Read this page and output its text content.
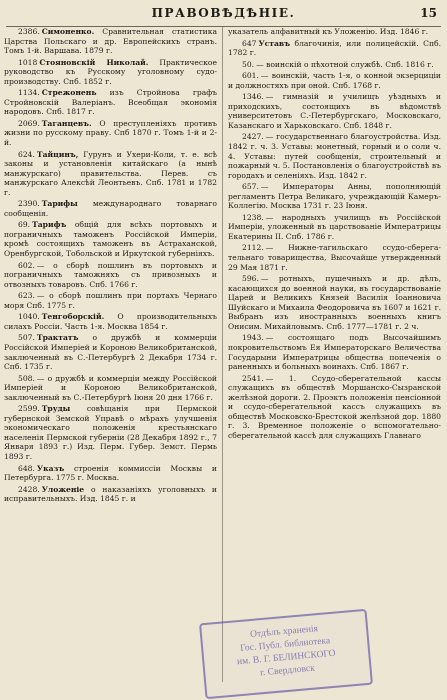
ПРАВОВѢДѢНІЕ.	15
2386. Симоненко. Сравнительная статистика Царства Польскаго и др. Европейскихъ странъ. Томъ 1-й. Варшава. 1879 г.
1018 Стояновскій Николай. Практическое руководство къ Русскому уголовному судопроизводству. Спб. 1852 г.
1134. Стрежонень изъ Стройнова графъ Стройновскій Валеріанъ. Всеобщая экономія народовъ. Спб. 1817 г.
2069. Таганцевъ. О преступленіяхъ противъ жизни по русскому праву. Спб 1870 г. Томъ 1-й и 2-й.
624. Тайцинъ, Гурунъ и Ухери-Коли, т. е. всѣ законы и установленія китайскаго (а нынѣ манжурскаго) правительства. Перев. съ манжурскаго Алексѣй Леонтьевъ. Спб. 1781 и 1782 г.
2390. Тарифы международнаго товарнаго сообщенія.
69. Тарифъ общій для всѣхъ портовыхъ и пограничныхъ таможенъ Россійской Имперіи, кромѣ состоящихъ таможенъ въ Астраханской, Оренбургской, Тобольской и Иркутской губерніяхъ.
602. — о сборѣ пошлинъ въ портовыхъ и пограничныхъ таможняхъ съ привозныхъ и отвозныхъ товаровъ. Спб. 1766 г.
623. — о сборѣ пошлинъ при портахъ Чернаго моря Спб. 1775 г.
1040. Тенгоборскій. О производительныхъ силахъ Россіи. Часть 1-я. Москва 1854 г.
507. Трактатъ о дружбѣ и коммерціи Россійской Имперіей и Короною Великобританской, заключенный въ С.-Петербургѣ 2 Декабря 1734 г. Спб. 1735 г.
508. — о дружбѣ и коммерціи между Россійской Имперіей и Короною Великобританской, заключенный въ С.-Петербургѣ Іюня 20 дня 1766 г.
2599. Труды совѣщанія при Пермской губернской Земской Управѣ о мѣрахъ улучшенія экономическаго положенія крестьянскаго населенія Пермской губерніи (28 Декабря 1892 г., 7 Января 1893 г.) Изд. Перм. Губер. Земст. Пермь 1893 г.
648. Указъ строенія коммиссіи Москвы и Петербурга. 1775 г. Москва.
2428. Уложеніе о наказаніяхъ уголовныхъ и исправительныхъ. Изд. 1845 г. и
указатель алфавитный къ Уложенію. Изд. 1846 г.
647 Уставъ благочинія, или полицейскій. Спб. 1782 г.
50. — воинскій о пѣхотной службѣ. Спб. 1816 г.
601. — воинскій, часть 1-я, о конной экзерциціи и должностяхъ при оной. Спб. 1768 г.
1346. — гимназій и училищъ уѣздныхъ и приходскихъ, состоящихъ въ вѣдомствѣ университетовъ С.-Петербургскаго, Московскаго, Казанскаго и Харьковскаго. Спб. 1848 г.
2427. — государственнаго благоустройства. Изд. 1842 г. ч. 3. Уставы: монетный, горный и о соли ч. 4. Уставы: путей сообщенія, строительный и пожарный ч. 5. Постановленія о благоустройствѣ въ городахъ и селеніяхъ. Изд. 1842 г.
657. — Императоры Анны, пополняющій регламентъ Петра Великаго, учреждающій Камеръ-Коллегію. Москва 1731 г. 23 Іюня.
1238. — народныхъ училищъ въ Россійской Имперіи, уложенный въ царствованіе Императрицы Екатерины II. Спб. 1786 г.
2112. — Нижне-тагильскаго ссудо-сберегательнаго товарищества, Высочайше утвержденный 29 Мая 1871 г.
596. — ротныхъ, пушечныхъ и др. дѣлъ, касающихся до военной науки, въ государствованіе Царей и Великихъ Князей Василія Іоанновича Шуйскаго и Михаила Феодоровича въ 1607 и 1621 г. Выбранъ изъ иностранныхъ военныхъ книгъ Онисим. Михайловымъ. Спб. 1777—1781 г. 2 ч.
1943. — состоящаго подъ Высочайшимъ покровительствомъ Ея Императорскаго Величества Государыни Императрицы общества попеченія о раненныхъ и больныхъ воинахъ. Спб. 1867 г.
2541. — 1. Ссудо-сберегательной кассы служащихъ въ обществѣ Моршанско-Сызранской желѣзной дороги. 2. Проэктъ положенія пенсіонной и ссудо-сберегательной кассъ служащихъ въ обществѣ Московско-Брестской желѣзной дор. 1880 г. 3. Временное положеніе о вспомогательно-сберегательной кассѣ для служащихъ Главнаго
Отдѣлъ храненія
Гос. Публ. библиотека
им. В. Г. БЕЛИНСКОГО
г. Свердловск
